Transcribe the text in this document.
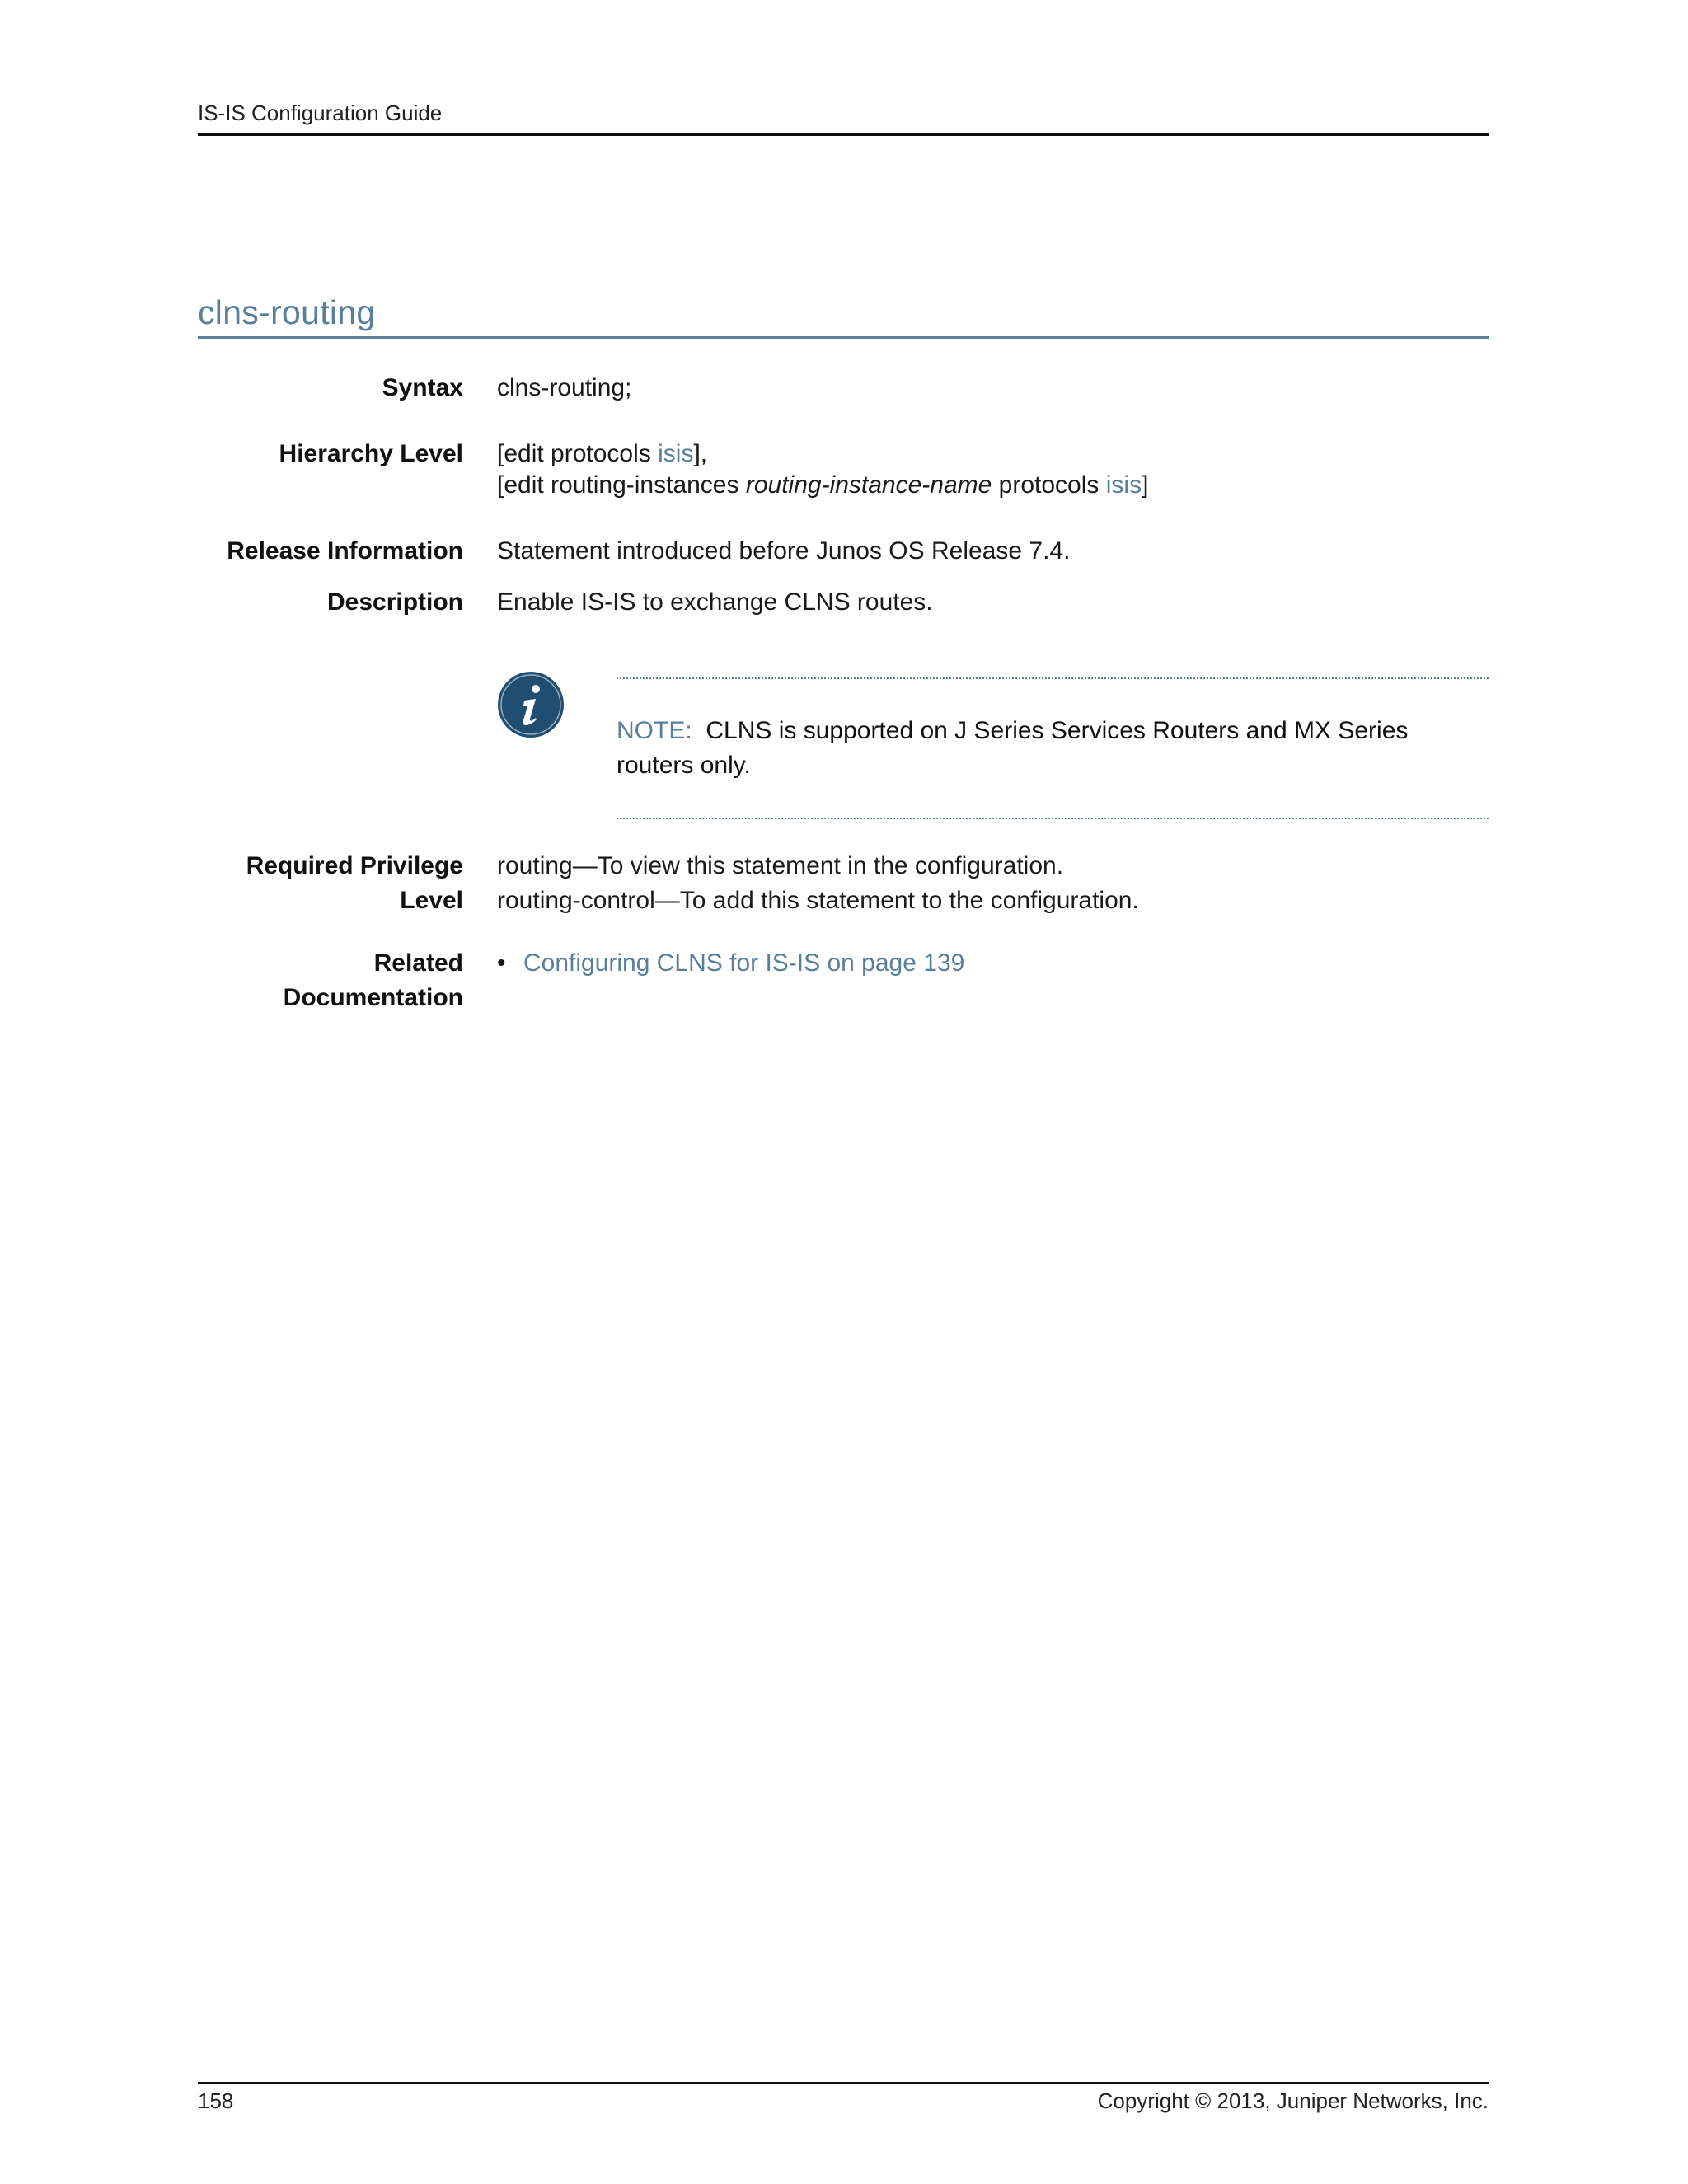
IS-IS Configuration Guide
clns-routing
Syntax clns-routing;
Hierarchy Level [edit protocols isis],
[edit routing-instances routing-instance-name protocols isis]
Release Information Statement introduced before Junos OS Release 7.4.
Description Enable IS-IS to exchange CLNS routes.
NOTE: CLNS is supported on J Series Services Routers and MX Series routers only.
Required Privilege routing—To view this statement in the configuration.
Level routing-control—To add this statement to the configuration.
Related • Configuring CLNS for IS-IS on page 139
Documentation
158	Copyright © 2013, Juniper Networks, Inc.
